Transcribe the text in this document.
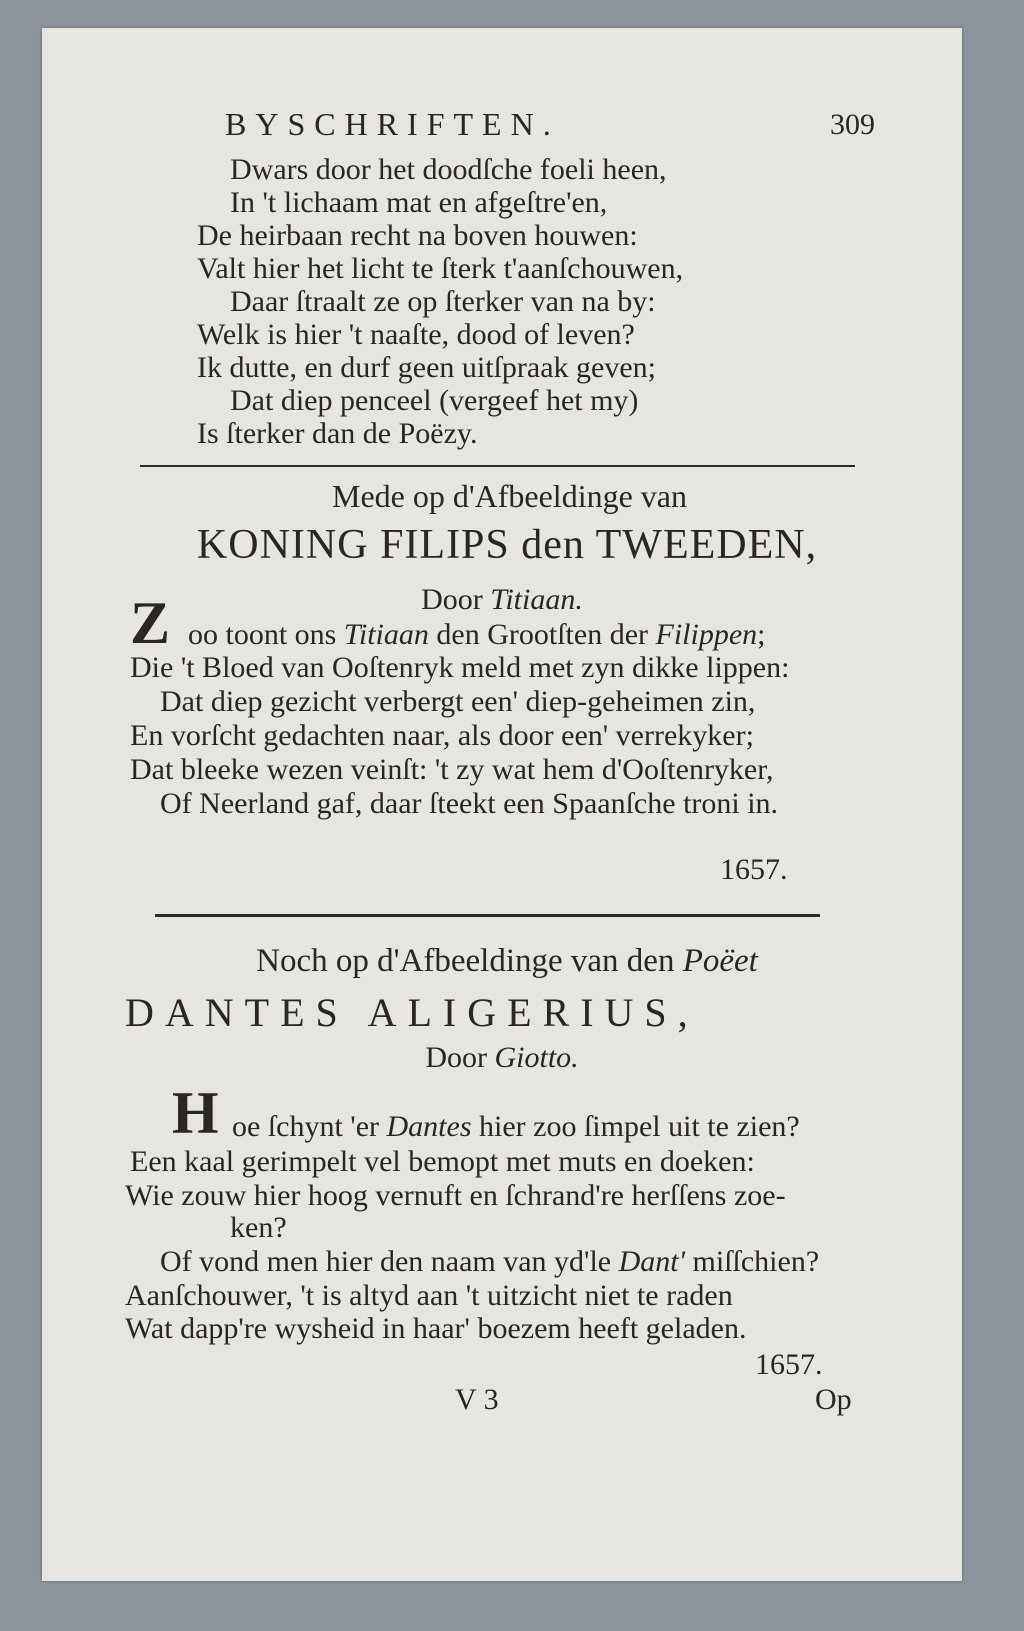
BYSCHRIFTEN.	309
Dwars door het doodſche foeli heen,
In 't lichaam mat en afgeſtre'en,
De heirbaan recht na boven houwen:
Valt hier het licht te ſterk t'aanſchouwen,
Daar ſtraalt ze op ſterker van na by:
Welk is hier 't naaſte, dood of leven?
Ik dutte, en durf geen uitſpraak geven;
Dat diep penceel (vergeef het my)
Is ſterker dan de Poëzy.
Mede op d'Afbeeldinge van
KONING FILIPS den TWEEDEN,
Door Titiaan.
Z oo toont ons Titiaan den Grootſten der Filippen;
Die 't Bloed van Ooſtenryk meld met zyn dikke lippen:
Dat diep gezicht verbergt een' diep-geheimen zin,
En vorſcht gedachten naar, als door een' verrekyker;
Dat bleeke wezen veinſt: 't zy wat hem d'Ooſtenryker,
Of Neerland gaf, daar ſteekt een Spaanſche troni in.
1657.
Noch op d'Afbeeldinge van den Poëet
DANTES ALIGERIUS,
Door Giotto.
H oe ſchynt 'er Dantes hier zoo ſimpel uit te zien?
Een kaal gerimpelt vel bemopt met muts en doeken:
Wie zouw hier hoog vernuft en ſchrand're herſſens zoe-
ken?
Of vond men hier den naam van yd'le Dant' miſſchien?
Aanſchouwer, 't is altyd aan 't uitzicht niet te raden
Wat dapp're wysheid in haar' boezem heeft geladen.
1657.
V 3	Op
